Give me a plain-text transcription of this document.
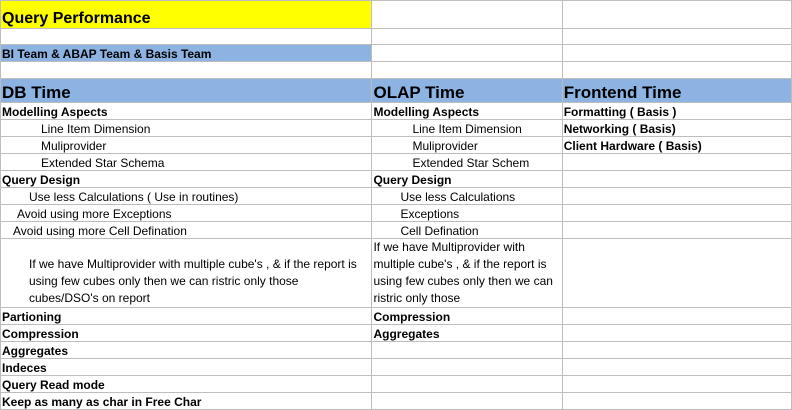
Query Performance		

BI Team & ABAP Team & Basis Team		

DB Time	OLAP Time	Frontend Time
Modelling Aspects	Modelling Aspects	Formatting ( Basis )
Line Item Dimension	Line Item Dimension	Networking ( Basis)
Muliprovider	Muliprovider	Client Hardware ( Basis)
Extended Star Schema	Extended Star Schem	
Query Design	Query Design	
Use less Calculations ( Use in routines)	Use less Calculations	
Avoid using more Exceptions	Exceptions	
Avoid using more Cell Defination	Cell Defination	
If we have Multiprovider with multiple cube's , & if the report is using few cubes only then we can ristric only those cubes/DSO's on report	If we have Multiprovider with multiple cube's , & if the report is using few cubes only then we can ristric only those	
Partioning	Compression	
Compression	Aggregates	
Aggregates		
Indeces		
Query Read mode		
Keep as many as char in Free Char		
